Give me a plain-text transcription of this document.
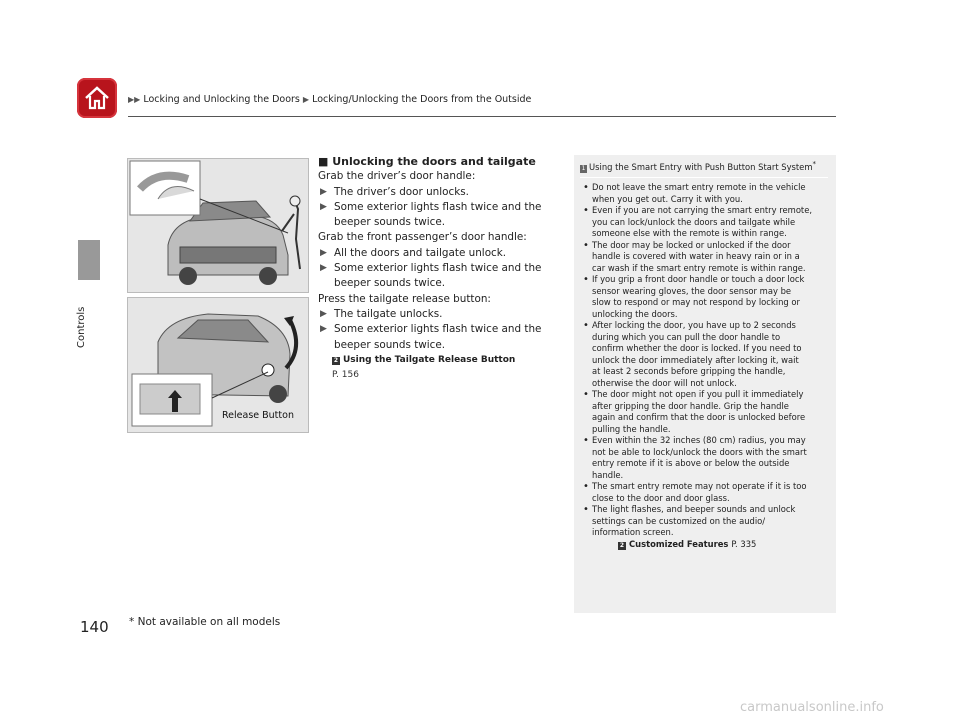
▶▶ Locking and Unlocking the Doors ▶ Locking/Unlocking the Doors from the Outside
Controls
Release Button
■ Unlocking the doors and tailgate
Grab the driver’s door handle:
▶ The driver’s door unlocks.
▶ Some exterior lights flash twice and the
beeper sounds twice.
Grab the front passenger’s door handle:
▶ All the doors and tailgate unlock.
▶ Some exterior lights flash twice and the
beeper sounds twice.
Press the tailgate release button:
▶ The tailgate unlocks.
▶ Some exterior lights flash twice and the
beeper sounds twice.
2 Using the Tailgate Release Button
P. 156
1 Using the Smart Entry with Push Button Start System*
• Do not leave the smart entry remote in the vehicle
when you get out. Carry it with you.
• Even if you are not carrying the smart entry remote,
you can lock/unlock the doors and tailgate while
someone else with the remote is within range.
• The door may be locked or unlocked if the door
handle is covered with water in heavy rain or in a
car wash if the smart entry remote is within range.
• If you grip a front door handle or touch a door lock
sensor wearing gloves, the door sensor may be
slow to respond or may not respond by locking or
unlocking the doors.
• After locking the door, you have up to 2 seconds
during which you can pull the door handle to
confirm whether the door is locked. If you need to
unlock the door immediately after locking it, wait
at least 2 seconds before gripping the handle,
otherwise the door will not unlock.
• The door might not open if you pull it immediately
after gripping the door handle. Grip the handle
again and confirm that the door is unlocked before
pulling the handle.
• Even within the 32 inches (80 cm) radius, you may
not be able to lock/unlock the doors with the smart
entry remote if it is above or below the outside
handle.
• The smart entry remote may not operate if it is too
close to the door and door glass.
• The light flashes, and beeper sounds and unlock
settings can be customized on the audio/
information screen.
2 Customized Features P. 335
140 * Not available on all models
carmanualsonline.info
